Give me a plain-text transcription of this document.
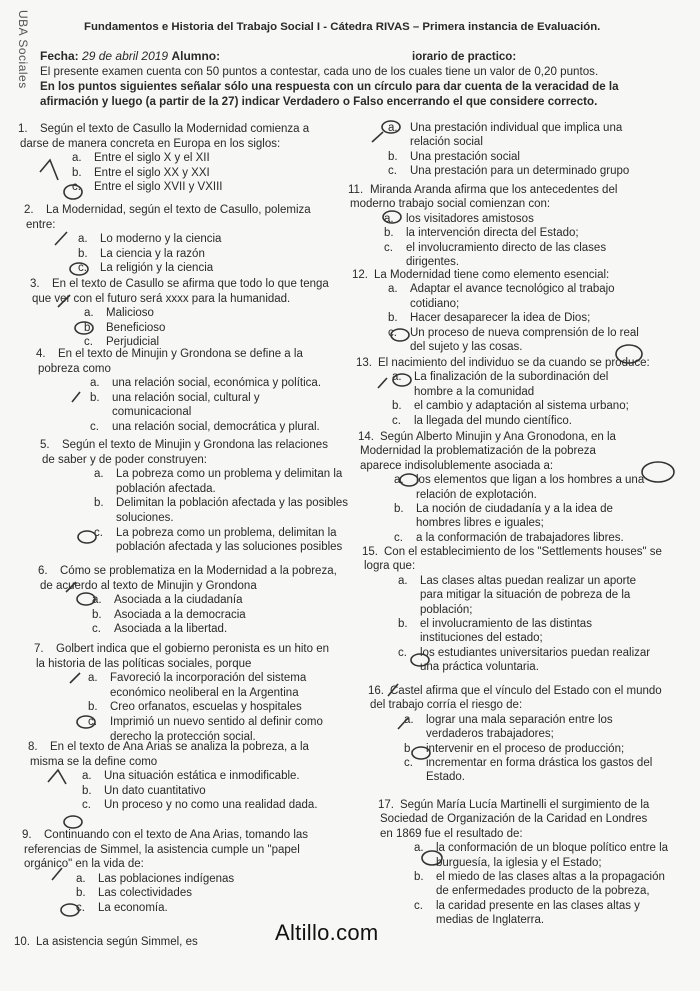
UBA Sociales	Fundamentos e Historia del Trabajo Social I - Cátedra RIVAS – Primera instancia de Evaluación.
Fecha: 29 de abril 2019 Alumno:	iorario de practico:
El presente examen cuenta con 50 puntos a contestar, cada uno de los cuales tiene un valor de 0,20 puntos.
En los puntos siguientes señalar sólo una respuesta con un círculo para dar cuenta de la veracidad de la
afirmación y luego (a partir de la 27) indicar Verdadero o Falso encerrando el que considere correcto.
1. Según el texto de Casullo la Modernidad comienza a
darse de manera concreta en Europa en los siglos:
a. Entre el siglo X y el XII
b. Entre el siglo XX y XXI
c. Entre el siglo XVII y VXIII
2. La Modernidad, según el texto de Casullo, polemiza
entre:
a. Lo moderno y la ciencia
b. La ciencia y la razón
c. La religión y la ciencia
3. En el texto de Casullo se afirma que todo lo que tenga
que ver con el futuro será xxxx para la humanidad.
a. Malicioso
b. Beneficioso
c. Perjudicial
4. En el texto de Minujin y Grondona se define a la
pobreza como
a. una relación social, económica y política.
b. una relación social, cultural y
comunicacional
c. una relación social, democrática y plural.
5. Según el texto de Minujin y Grondona las relaciones
de saber y de poder construyen:
a. La pobreza como un problema y delimitan la
población afectada.
b. Delimitan la población afectada y las posibles
soluciones.
c. La pobreza como un problema, delimitan la
población afectada y las soluciones posibles
6. Cómo se problematiza en la Modernidad a la pobreza,
de acuerdo al texto de Minujin y Grondona
a. Asociada a la ciudadanía
b. Asociada a la democracia
c. Asociada a la libertad.
7. Golbert indica que el gobierno peronista es un hito en
la historia de las políticas sociales, porque
a. Favoreció la incorporación del sistema
económico neoliberal en la Argentina
b. Creo orfanatos, escuelas y hospitales
c. Imprimió un nuevo sentido al definir como
derecho la protección social.
8. En el texto de Ana Arias se analiza la pobreza, a la
misma se la define como
a. Una situación estática e inmodificable.
b. Un dato cuantitativo
c. Un proceso y no como una realidad dada.
9. Continuando con el texto de Ana Arias, tomando las
referencias de Simmel, la asistencia cumple un "papel
orgánico" en la vida de:
a. Las poblaciones indígenas
b. Las colectividades
c. La economía.
10. La asistencia según Simmel, es
a. Una prestación individual que implica una
relación social
b. Una prestación social
c. Una prestación para un determinado grupo
11. Miranda Aranda afirma que los antecedentes del
moderno trabajo social comienzan con:
a. los visitadores amistosos
b. la intervención directa del Estado;
c. el involucramiento directo de las clases
dirigentes.
12. La Modernidad tiene como elemento esencial:
a. Adaptar el avance tecnológico al trabajo
cotidiano;
b. Hacer desaparecer la idea de Dios;
c. Un proceso de nueva comprensión de lo real
del sujeto y las cosas.
13. El nacimiento del individuo se da cuando se produce:
a. La finalización de la subordinación del
hombre a la comunidad
b. el cambio y adaptación al sistema urbano;
c. la llegada del mundo científico.
14. Según Alberto Minujin y Ana Gronodona, en la
Modernidad la problematización de la pobreza
aparece indisolublemente asociada a:
a. los elementos que ligan a los hombres a una
relación de explotación.
b. La noción de ciudadanía y a la idea de
hombres libres e iguales;
c. a la conformación de trabajadores libres.
15. Con el establecimiento de los "Settlements houses" se
logra que:
a. Las clases altas puedan realizar un aporte
para mitigar la situación de pobreza de la
población;
b. el involucramiento de las distintas
instituciones del estado;
c. los estudiantes universitarios puedan realizar
una práctica voluntaria.
16. Castel afirma que el vínculo del Estado con el mundo
del trabajo corría el riesgo de:
a. lograr una mala separación entre los
verdaderos trabajadores;
b. intervenir en el proceso de producción;
c. incrementar en forma drástica los gastos del
Estado.
17. Según María Lucía Martinelli el surgimiento de la
Sociedad de Organización de la Caridad en Londres
en 1869 fue el resultado de:
a. la conformación de un bloque político entre la
burguesía, la iglesia y el Estado;
b. el miedo de las clases altas a la propagación
de enfermedades producto de la pobreza,
c. la caridad presente en las clases altas y
medias de Inglaterra.
Altillo.com
